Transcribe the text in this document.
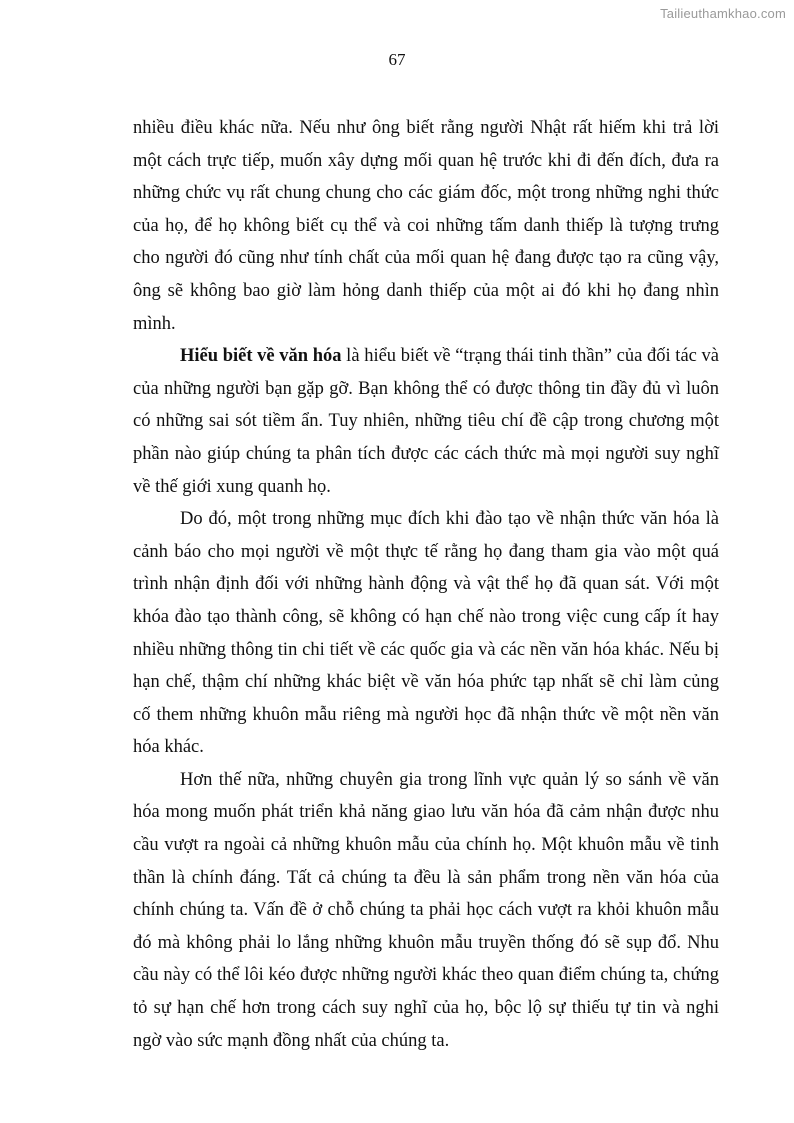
Tailieuthamkhao.com
67

nhiều điều khác nữa. Nếu như ông biết rằng người Nhật rất hiếm khi trả lời một cách trực tiếp, muốn xây dựng mối quan hệ trước khi đi đến đích, đưa ra những chức vụ rất chung chung cho các giám đốc, một trong những nghi thức của họ, để họ không biết cụ thể và coi những tấm danh thiếp là tượng trưng cho người đó cũng như tính chất của mối quan hệ đang được tạo ra cũng vậy, ông sẽ không bao giờ làm hỏng danh thiếp của một ai đó khi họ đang nhìn mình.

Hiểu biết về văn hóa là hiểu biết về “trạng thái tinh thần” của đối tác và của những người bạn gặp gỡ. Bạn không thể có được thông tin đầy đủ vì luôn có những sai sót tiềm ẩn. Tuy nhiên, những tiêu chí đề cập trong chương một phần nào giúp chúng ta phân tích được các cách thức mà mọi người suy nghĩ về thế giới xung quanh họ.

Do đó, một trong những mục đích khi đào tạo về nhận thức văn hóa là cảnh báo cho mọi người về một thực tế rằng họ đang tham gia vào một quá trình nhận định đối với những hành động và vật thể họ đã quan sát. Với một khóa đào tạo thành công, sẽ không có hạn chế nào trong việc cung cấp ít hay nhiều những thông tin chi tiết về các quốc gia và các nền văn hóa khác. Nếu bị hạn chế, thậm chí những khác biệt về văn hóa phức tạp nhất sẽ chỉ làm củng cố them những khuôn mẫu riêng mà người học đã nhận thức về một nền văn hóa khác.

Hơn thế nữa, những chuyên gia trong lĩnh vực quản lý so sánh về văn hóa mong muốn phát triển khả năng giao lưu văn hóa đã cảm nhận được nhu cầu vượt ra ngoài cả những khuôn mẫu của chính họ. Một khuôn mẫu về tinh thần là chính đáng. Tất cả chúng ta đều là sản phẩm trong nền văn hóa của chính chúng ta. Vấn đề ở chỗ chúng ta phải học cách vượt ra khỏi khuôn mẫu đó mà không phải lo lắng những khuôn mẫu truyền thống đó sẽ sụp đổ. Nhu cầu này có thể lôi kéo được những người khác theo quan điểm chúng ta, chứng tỏ sự hạn chế hơn trong cách suy nghĩ của họ, bộc lộ sự thiếu tự tin và nghi ngờ vào sức mạnh đồng nhất của chúng ta.
